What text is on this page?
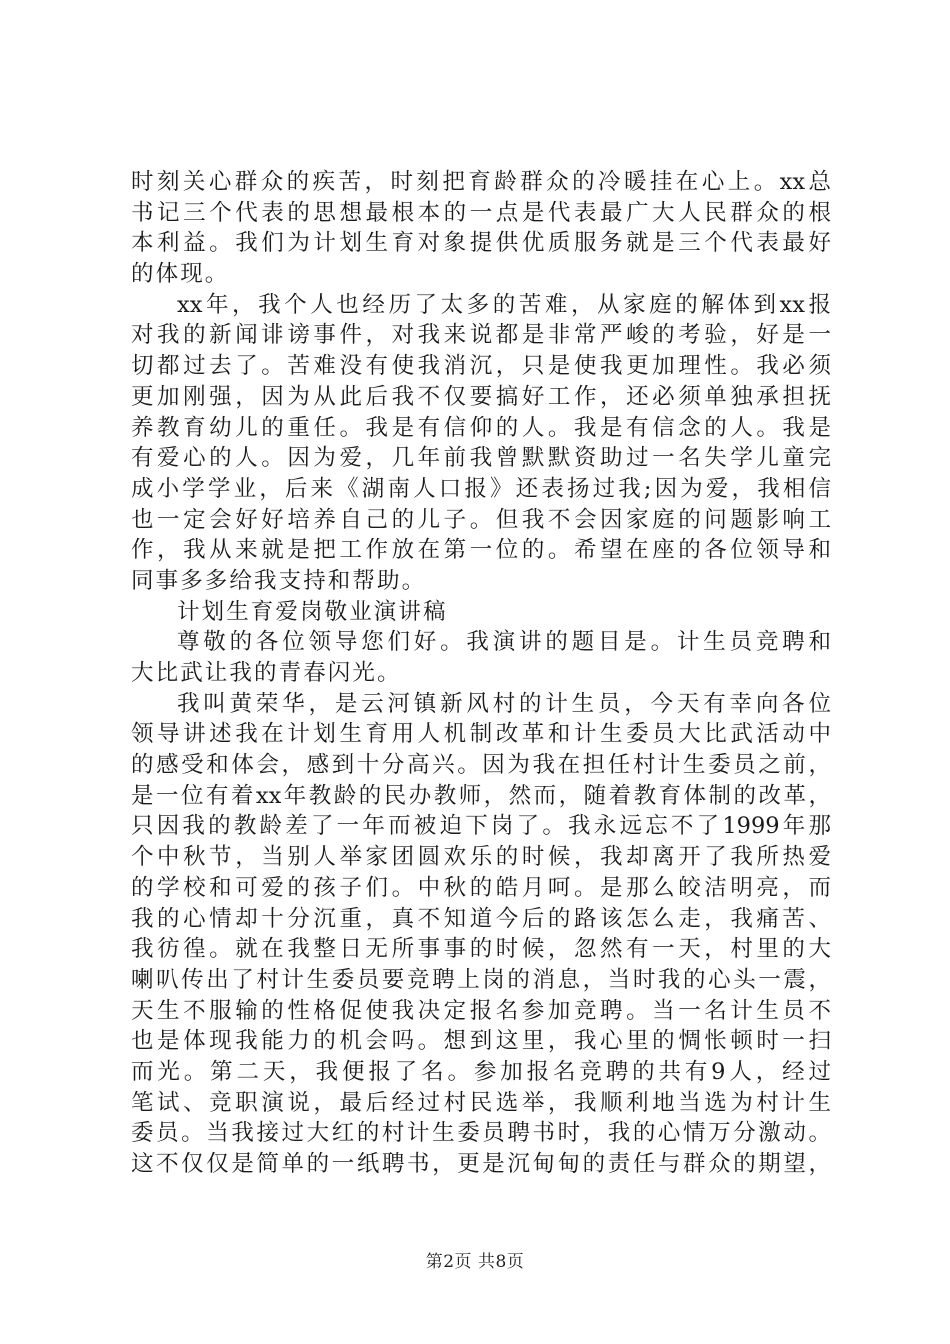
时刻关心群众的疾苦，时刻把育龄群众的冷暖挂在心上。xx总
书记三个代表的思想最根本的一点是代表最广大人民群众的根
本利益。我们为计划生育对象提供优质服务就是三个代表最好
的体现。
xx年，我个人也经历了太多的苦难，从家庭的解体到xx报
对我的新闻诽谤事件，对我来说都是非常严峻的考验，好是一
切都过去了。苦难没有使我消沉，只是使我更加理性。我必须
更加刚强，因为从此后我不仅要搞好工作，还必须单独承担抚
养教育幼儿的重任。我是有信仰的人。我是有信念的人。我是
有爱心的人。因为爱，几年前我曾默默资助过一名失学儿童完
成小学学业，后来《湖南人口报》还表扬过我;因为爱，我相信
也一定会好好培养自己的儿子。但我不会因家庭的问题影响工
作，我从来就是把工作放在第一位的。希望在座的各位领导和
同事多多给我支持和帮助。
计划生育爱岗敬业演讲稿
尊敬的各位领导您们好。我演讲的题目是。计生员竞聘和
大比武让我的青春闪光。
我叫黄荣华，是云河镇新风村的计生员，今天有幸向各位
领导讲述我在计划生育用人机制改革和计生委员大比武活动中
的感受和体会，感到十分高兴。因为我在担任村计生委员之前，
是一位有着xx年教龄的民办教师，然而，随着教育体制的改革，
只因我的教龄差了一年而被迫下岗了。我永远忘不了1999年那
个中秋节，当别人举家团圆欢乐的时候，我却离开了我所热爱
的学校和可爱的孩子们。中秋的皓月呵。是那么皎洁明亮，而
我的心情却十分沉重，真不知道今后的路该怎么走，我痛苦、
我彷徨。就在我整日无所事事的时候，忽然有一天，村里的大
喇叭传出了村计生委员要竞聘上岗的消息，当时我的心头一震，
天生不服输的性格促使我决定报名参加竞聘。当一名计生员不
也是体现我能力的机会吗。想到这里，我心里的惆怅顿时一扫
而光。第二天，我便报了名。参加报名竞聘的共有9人，经过
笔试、竞职演说，最后经过村民选举，我顺利地当选为村计生
委员。当我接过大红的村计生委员聘书时，我的心情万分激动。
这不仅仅是简单的一纸聘书，更是沉甸甸的责任与群众的期望，
第2页 共8页
